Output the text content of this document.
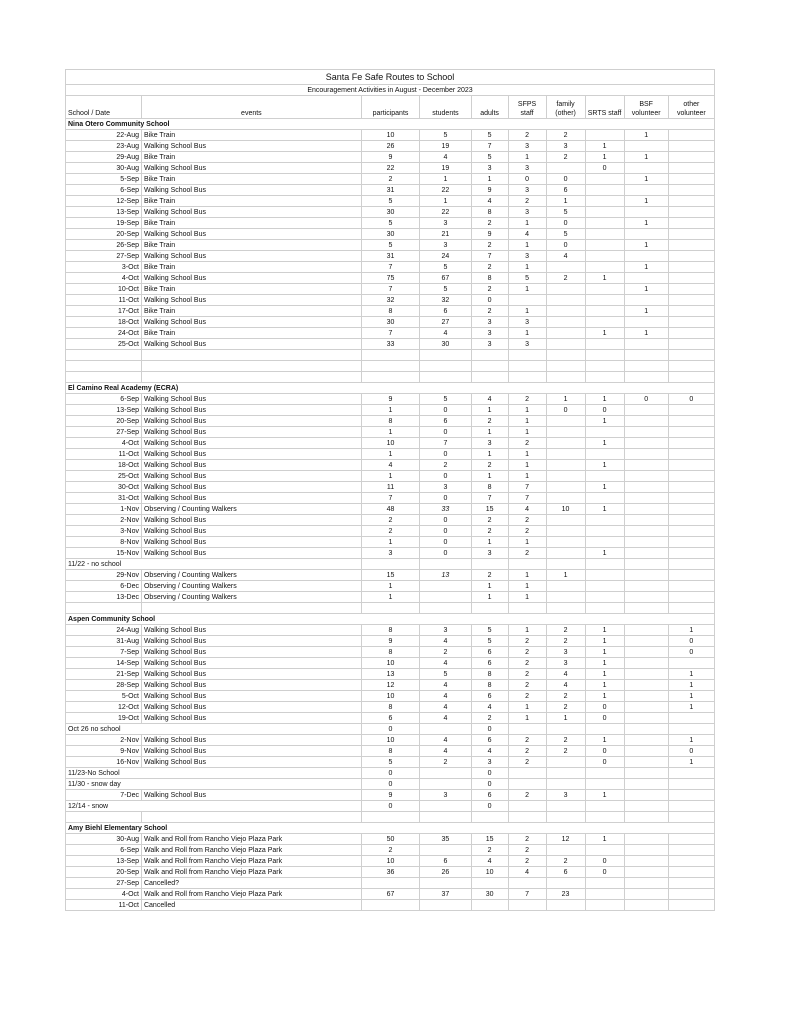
Santa Fe Safe Routes to School									
Encouragement Activities in August - December 2023									
School / Date	events	participants	students	adults	SFPS staff	family (other)	SRTS staff	BSF volunteer	other volunteer
Nina Otero Community School									
22-Aug	Bike Train	10	5	5	2	2		1	
23-Aug	Walking School Bus	26	19	7	3	3	1		
29-Aug	Bike Train	9	4	5	1	2	1	1	
30-Aug	Walking School Bus	22	19	3	3		0		
5-Sep	Bike Train	2	1	1	0	0		1	
6-Sep	Walking School Bus	31	22	9	3	6			
12-Sep	Bike Train	5	1	4	2	1		1	
13-Sep	Walking School Bus	30	22	8	3	5			
19-Sep	Bike Train	5	3	2	1	0		1	
20-Sep	Walking School Bus	30	21	9	4	5			
26-Sep	Bike Train	5	3	2	1	0		1	
27-Sep	Walking School Bus	31	24	7	3	4			
3-Oct	Bike Train	7	5	2	1			1	
4-Oct	Walking School Bus	75	67	8	5	2	1		
10-Oct	Bike Train	7	5	2	1			1	
11-Oct	Walking School Bus	32	32	0					
17-Oct	Bike Train	8	6	2	1			1	
18-Oct	Walking School Bus	30	27	3	3				
24-Oct	Bike Train	7	4	3	1		1	1	
25-Oct	Walking School Bus	33	30	3	3				

El Camino Real Academy (ECRA)									
6-Sep	Walking School Bus	9	5	4	2	1	1	0	0
13-Sep	Walking School Bus	1	0	1	1	0	0		
20-Sep	Walking School Bus	8	6	2	1		1		
27-Sep	Walking School Bus	1	0	1	1				
4-Oct	Walking School Bus	10	7	3	2		1		
11-Oct	Walking School Bus	1	0	1	1				
18-Oct	Walking School Bus	4	2	2	1		1		
25-Oct	Walking School Bus	1	0	1	1				
30-Oct	Walking School Bus	11	3	8	7		1		
31-Oct	Walking School Bus	7	0	7	7				
1-Nov	Observing / Counting Walkers	48	33	15	4	10	1		
2-Nov	Walking School Bus	2	0	2	2				
3-Nov	Walking School Bus	2	0	2	2				
8-Nov	Walking School Bus	1	0	1	1				
15-Nov	Walking School Bus	3	0	3	2		1		
11/22 - no school									
29-Nov	Observing / Counting Walkers	15	13	2	1	1			
6-Dec	Observing / Counting Walkers	1		1	1				
13-Dec	Observing / Counting Walkers	1		1	1				

Aspen Community School									
24-Aug	Walking School Bus	8	3	5	1	2	1		1
31-Aug	Walking School Bus	9	4	5	2	2	1		0
7-Sep	Walking School Bus	8	2	6	2	3	1		0
14-Sep	Walking School Bus	10	4	6	2	3	1		
21-Sep	Walking School Bus	13	5	8	2	4	1		1
28-Sep	Walking School Bus	12	4	8	2	4	1		1
5-Oct	Walking School Bus	10	4	6	2	2	1		1
12-Oct	Walking School Bus	8	4	4	1	2	0		1
19-Oct	Walking School Bus	6	4	2	1	1	0		
Oct 26 no school		0		0					
2-Nov	Walking School Bus	10	4	6	2	2	1		1
9-Nov	Walking School Bus	8	4	4	2	2	0		0
16-Nov	Walking School Bus	5	2	3	2		0		1
11/23-No School		0		0					
11/30 - snow day		0		0					
7-Dec	Walking School Bus	9	3	6	2	3	1		
12/14 - snow		0		0					

Amy Biehl Elementary School									
30-Aug	Walk and Roll from Rancho Viejo Plaza Park	50	35	15	2	12	1		
6-Sep	Walk and Roll from Rancho Viejo Plaza Park	2		2	2				
13-Sep	Walk and Roll from Rancho Viejo Plaza Park	10	6	4	2	2	0		
20-Sep	Walk and Roll from Rancho Viejo Plaza Park	36	26	10	4	6	0		
27-Sep	Cancelled?								
4-Oct	Walk and Roll from Rancho Viejo Plaza Park	67	37	30	7	23			
11-Oct	Cancelled								
